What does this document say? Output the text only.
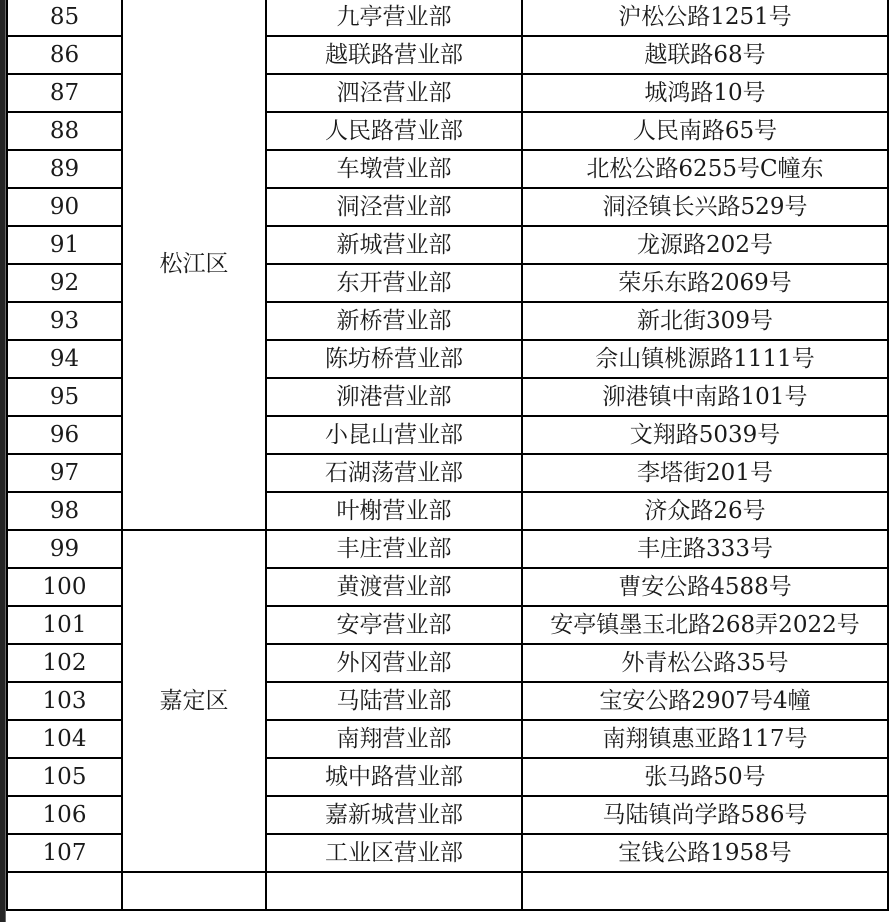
85	松江区	九亭营业部	沪松公路1251号
86		越联路营业部	越联路68号
87		泗泾营业部	城鸿路10号
88		人民路营业部	人民南路65号
89		车墩营业部	北松公路6255号C幢东
90		洞泾营业部	洞泾镇长兴路529号
91		新城营业部	龙源路202号
92		东开营业部	荣乐东路2069号
93		新桥营业部	新北街309号
94		陈坊桥营业部	佘山镇桃源路1111号
95		泖港营业部	泖港镇中南路101号
96		小昆山营业部	文翔路5039号
97		石湖荡营业部	李塔街201号
98		叶榭营业部	济众路26号
99	嘉定区	丰庄营业部	丰庄路333号
100		黄渡营业部	曹安公路4588号
101		安亭营业部	安亭镇墨玉北路268弄2022号
102		外冈营业部	外青松公路35号
103		马陆营业部	宝安公路2907号4幢
104		南翔营业部	南翔镇惠亚路117号
105		城中路营业部	张马路50号
106		嘉新城营业部	马陆镇尚学路586号
107		工业区营业部	宝钱公路1958号
